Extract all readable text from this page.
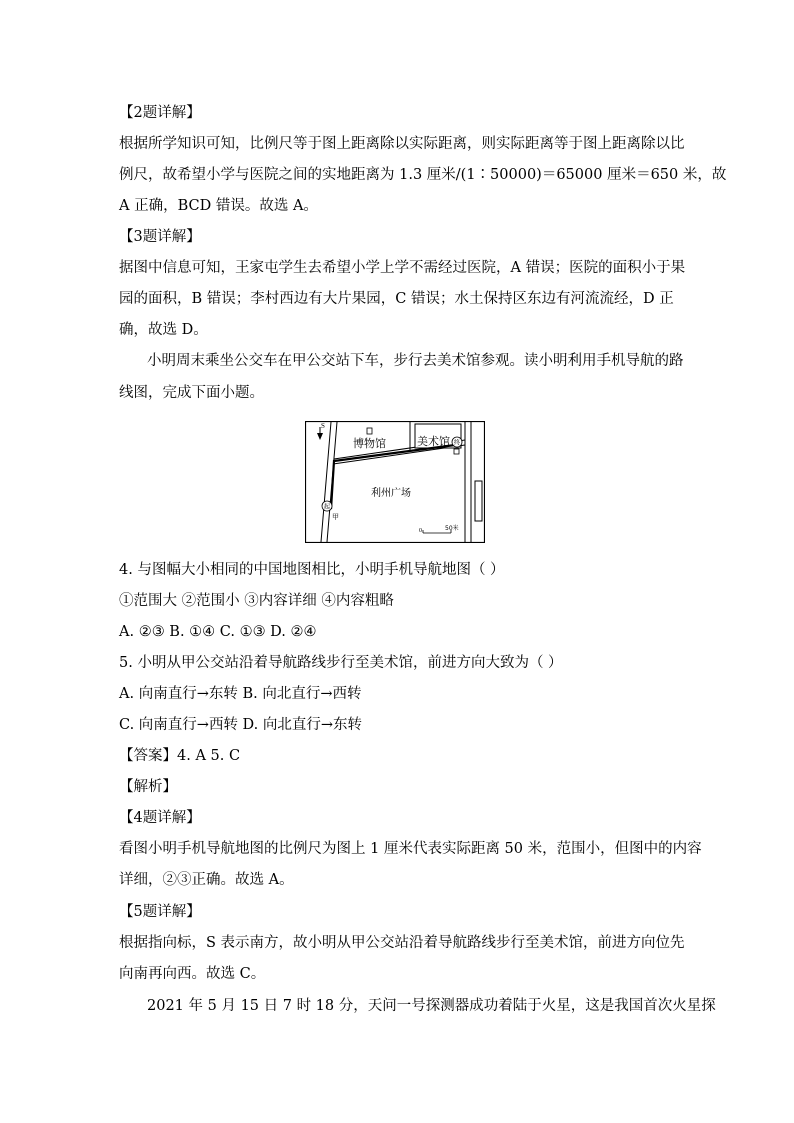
【2题详解】
根据所学知识可知，比例尺等于图上距离除以实际距离，则实际距离等于图上距离除以比
例尺，故希望小学与医院之间的实地距离为 1.3 厘米/(1∶50000)＝65000 厘米＝650 米，故
A 正确，BCD 错误。故选 A。
【3题详解】
据图中信息可知，王家屯学生去希望小学上学不需经过医院，A 错误；医院的面积小于果
园的面积，B 错误；李村西边有大片果园，C 错误；水土保持区东边有河流流经，D 正
确，故选 D。
小明周末乘坐公交车在甲公交站下车，步行去美术馆参观。读小明利用手机导航的路
线图，完成下面小题。
S
博物馆	美术馆 终
利州广场
起
甲
0	50米
4. 与图幅大小相同的中国地图相比，小明手机导航地图（ ）
①范围大 ②范围小 ③内容详细 ④内容粗略
A. ②③ B. ①④ C. ①③ D. ②④
5. 小明从甲公交站沿着导航路线步行至美术馆，前进方向大致为（ ）
A. 向南直行→东转 B. 向北直行→西转
C. 向南直行→西转 D. 向北直行→东转
【答案】4. A 5. C
【解析】
【4题详解】
看图小明手机导航地图的比例尺为图上 1 厘米代表实际距离 50 米，范围小，但图中的内容
详细，②③正确。故选 A。
【5题详解】
根据指向标，S 表示南方，故小明从甲公交站沿着导航路线步行至美术馆，前进方向位先
向南再向西。故选 C。
2021 年 5 月 15 日 7 时 18 分，天问一号探测器成功着陆于火星，这是我国首次火星探
